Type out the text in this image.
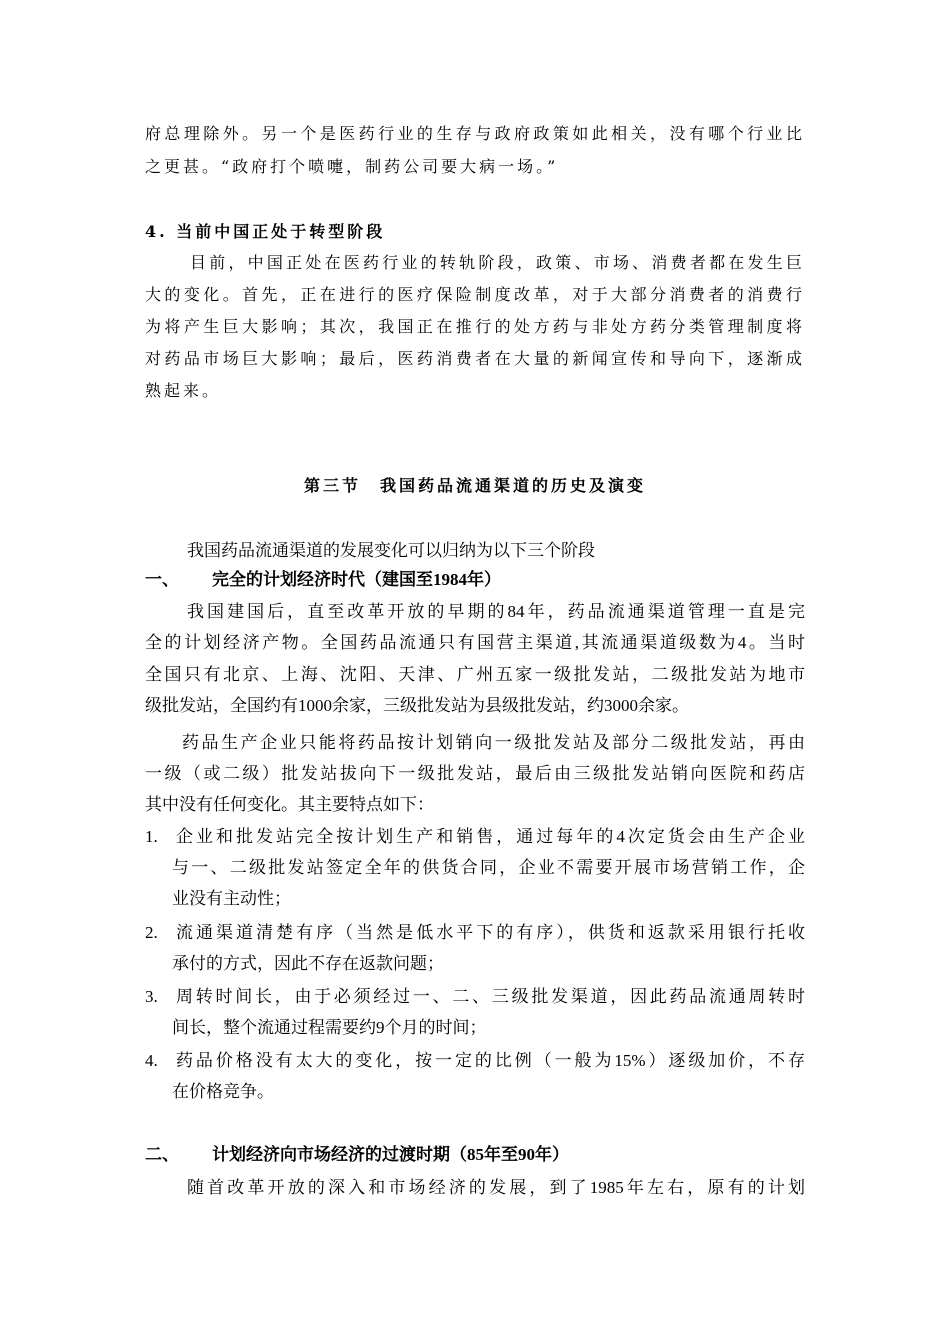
府总理除外。另一个是医药行业的生存与政府政策如此相关，没有哪个行业比
之更甚。“政府打个喷嚏，制药公司要大病一场。”
4. 当前中国正处于转型阶段
目前，中国正处在医药行业的转轨阶段，政策、市场、消费者都在发生巨
大的变化。首先，正在进行的医疗保险制度改革，对于大部分消费者的消费行
为将产生巨大影响；其次，我国正在推行的处方药与非处方药分类管理制度将
对药品市场巨大影响；最后，医药消费者在大量的新闻宣传和导向下，逐渐成
熟起来。
第三节　我国药品流通渠道的历史及演变
我国药品流通渠道的发展变化可以归纳为以下三个阶段
一、 完全的计划经济时代（建国至1984年）
我国建国后，直至改革开放的早期的84年，药品流通渠道管理一直是完
全的计划经济产物。全国药品流通只有国营主渠道,其流通渠道级数为4。当时
全国只有北京、上海、沈阳、天津、广州五家一级批发站，二级批发站为地市
级批发站，全国约有1000余家，三级批发站为县级批发站，约3000余家。
药品生产企业只能将药品按计划销向一级批发站及部分二级批发站，再由
一级（或二级）批发站拔向下一级批发站，最后由三级批发站销向医院和药店
其中没有任何变化。其主要特点如下：
1. 企业和批发站完全按计划生产和销售，通过每年的4次定货会由生产企业
与一、二级批发站签定全年的供货合同，企业不需要开展市场营销工作，企
业没有主动性；
2. 流通渠道清楚有序（当然是低水平下的有序），供货和返款采用银行托收
承付的方式，因此不存在返款问题；
3. 周转时间长，由于必须经过一、二、三级批发渠道，因此药品流通周转时
间长，整个流通过程需要约9个月的时间；
4. 药品价格没有太大的变化，按一定的比例（一般为15%）逐级加价，不存
在价格竞争。
二、 计划经济向市场经济的过渡时期（85年至90年）
随首改革开放的深入和市场经济的发展，到了1985年左右，原有的计划
